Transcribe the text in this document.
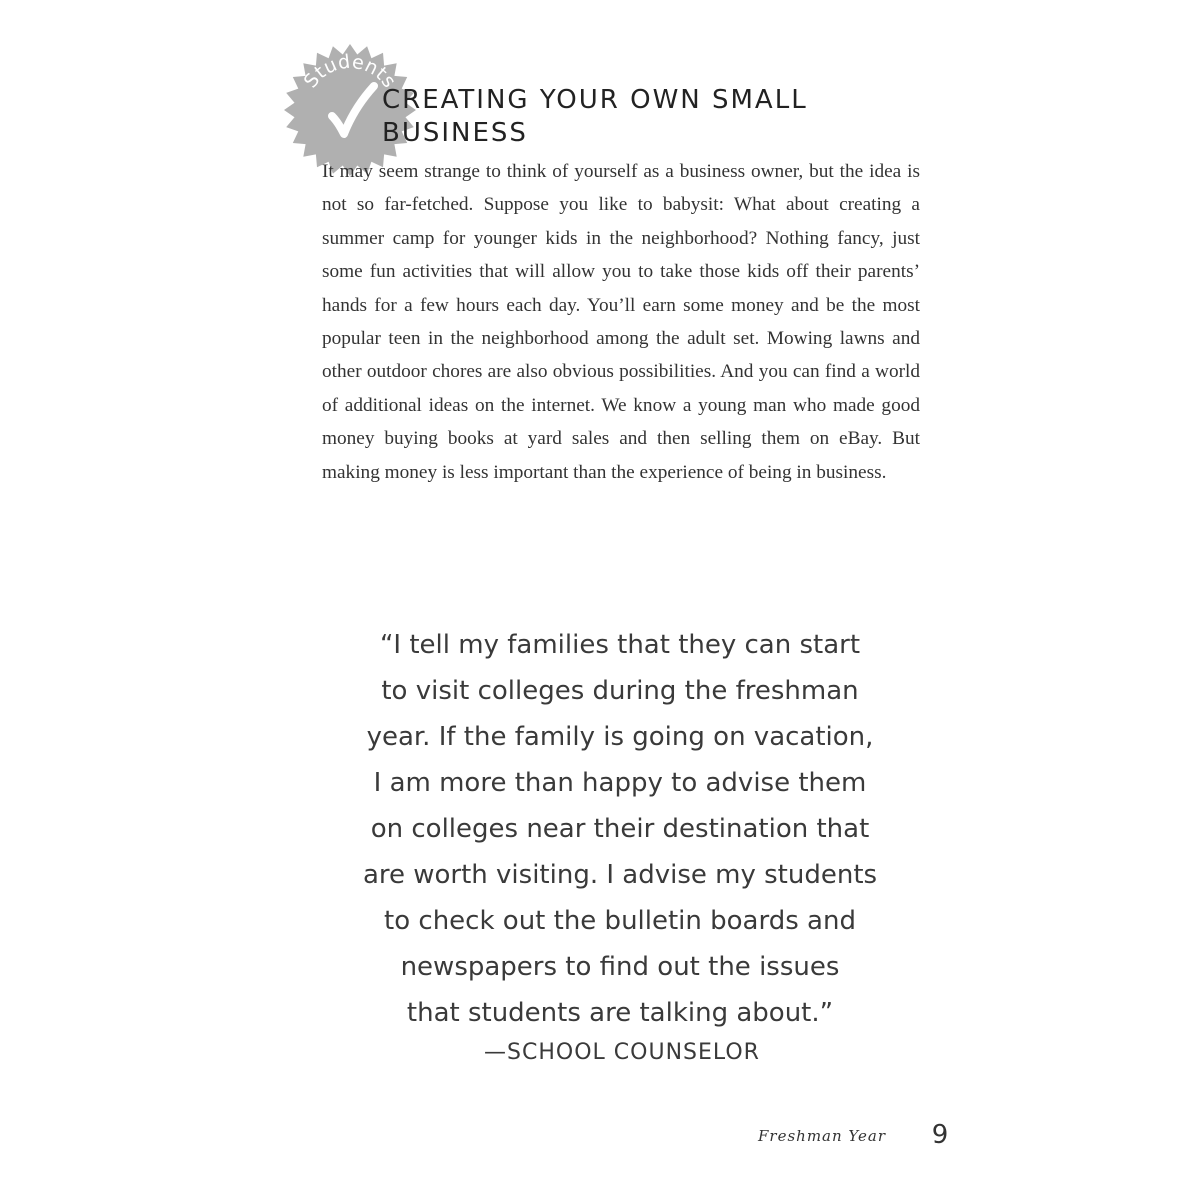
Students
CREATING YOUR OWN SMALL BUSINESS

It may seem strange to think of yourself as a business owner, but the idea is not so far-fetched. Suppose you like to babysit: What about creating a summer camp for younger kids in the neighborhood? Nothing fancy, just some fun activities that will allow you to take those kids off their parents’ hands for a few hours each day. You’ll earn some money and be the most popular teen in the neighborhood among the adult set. Mowing lawns and other outdoor chores are also obvious possibilities. And you can find a world of additional ideas on the internet. We know a young man who made good money buying books at yard sales and then selling them on eBay. But making money is less important than the experience of being in business.

“I tell my families that they can start
to visit colleges during the freshman
year. If the family is going on vacation,
I am more than happy to advise them
on colleges near their destination that
are worth visiting. I advise my students
to check out the bulletin boards and
newspapers to find out the issues
that students are talking about.”
—SCHOOL COUNSELOR
Freshman Year	9
